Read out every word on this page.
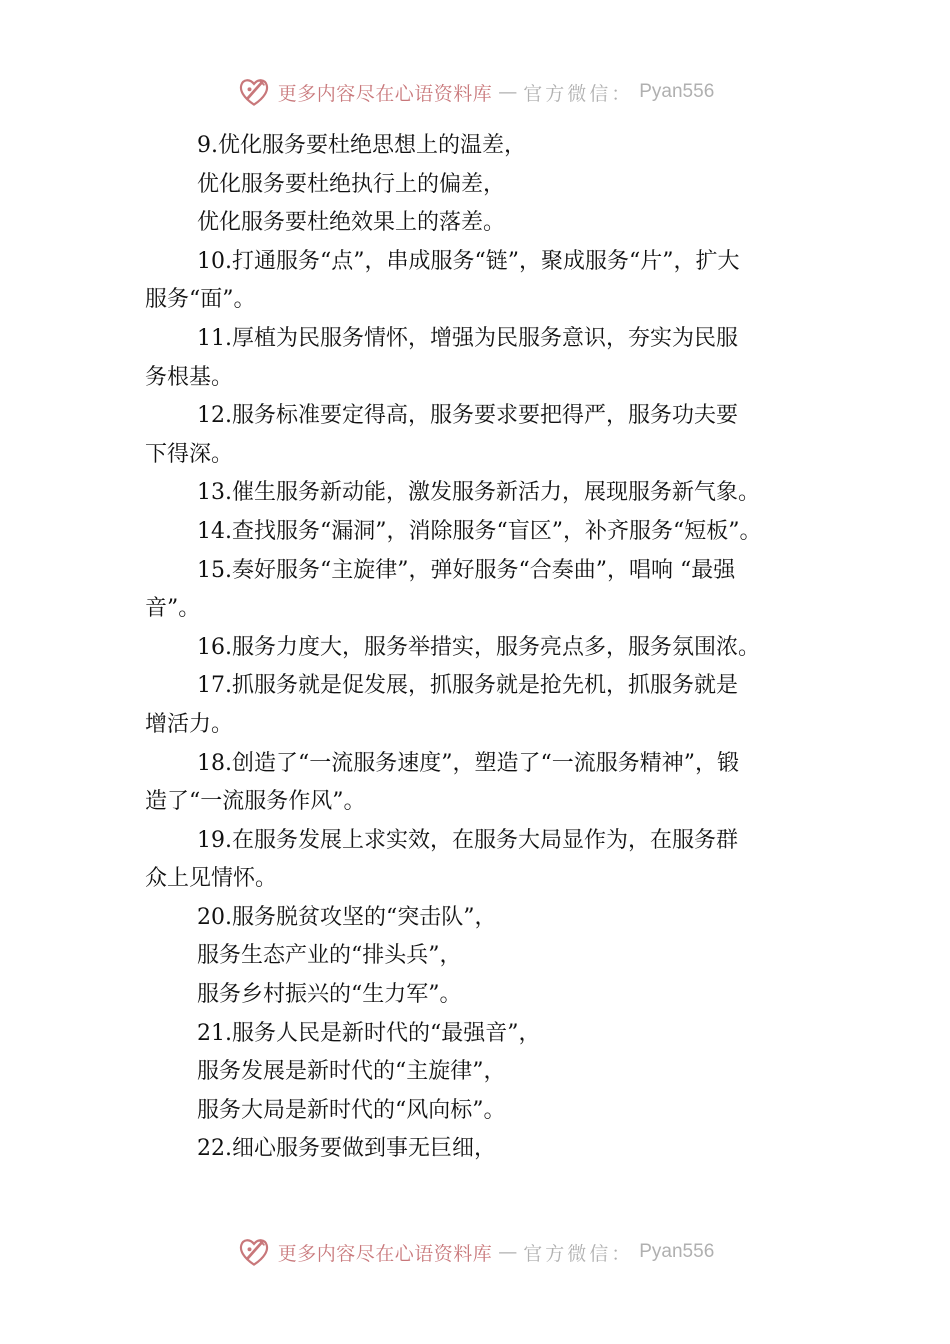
更多内容尽在心语资料库 — 官方微信： Pyan556
9.优化服务要杜绝思想上的温差，
优化服务要杜绝执行上的偏差，
优化服务要杜绝效果上的落差。
10.打通服务“点”，串成服务“链”，聚成服务“片”，扩大
服务“面”。
11.厚植为民服务情怀，增强为民服务意识，夯实为民服
务根基。
12.服务标准要定得高，服务要求要把得严，服务功夫要
下得深。
13.催生服务新动能，激发服务新活力，展现服务新气象。
14.查找服务“漏洞”，消除服务“盲区”，补齐服务“短板”。
15.奏好服务“主旋律”，弹好服务“合奏曲”，唱响 “最强
音”。
16.服务力度大，服务举措实，服务亮点多，服务氛围浓。
17.抓服务就是促发展，抓服务就是抢先机，抓服务就是
增活力。
18.创造了“一流服务速度”，塑造了“一流服务精神”，锻
造了“一流服务作风”。
19.在服务发展上求实效，在服务大局显作为，在服务群
众上见情怀。
20.服务脱贫攻坚的“突击队”，
服务生态产业的“排头兵”，
服务乡村振兴的“生力军”。
21.服务人民是新时代的“最强音”，
服务发展是新时代的“主旋律”，
服务大局是新时代的“风向标”。
22.细心服务要做到事无巨细，
更多内容尽在心语资料库 — 官方微信： Pyan556
